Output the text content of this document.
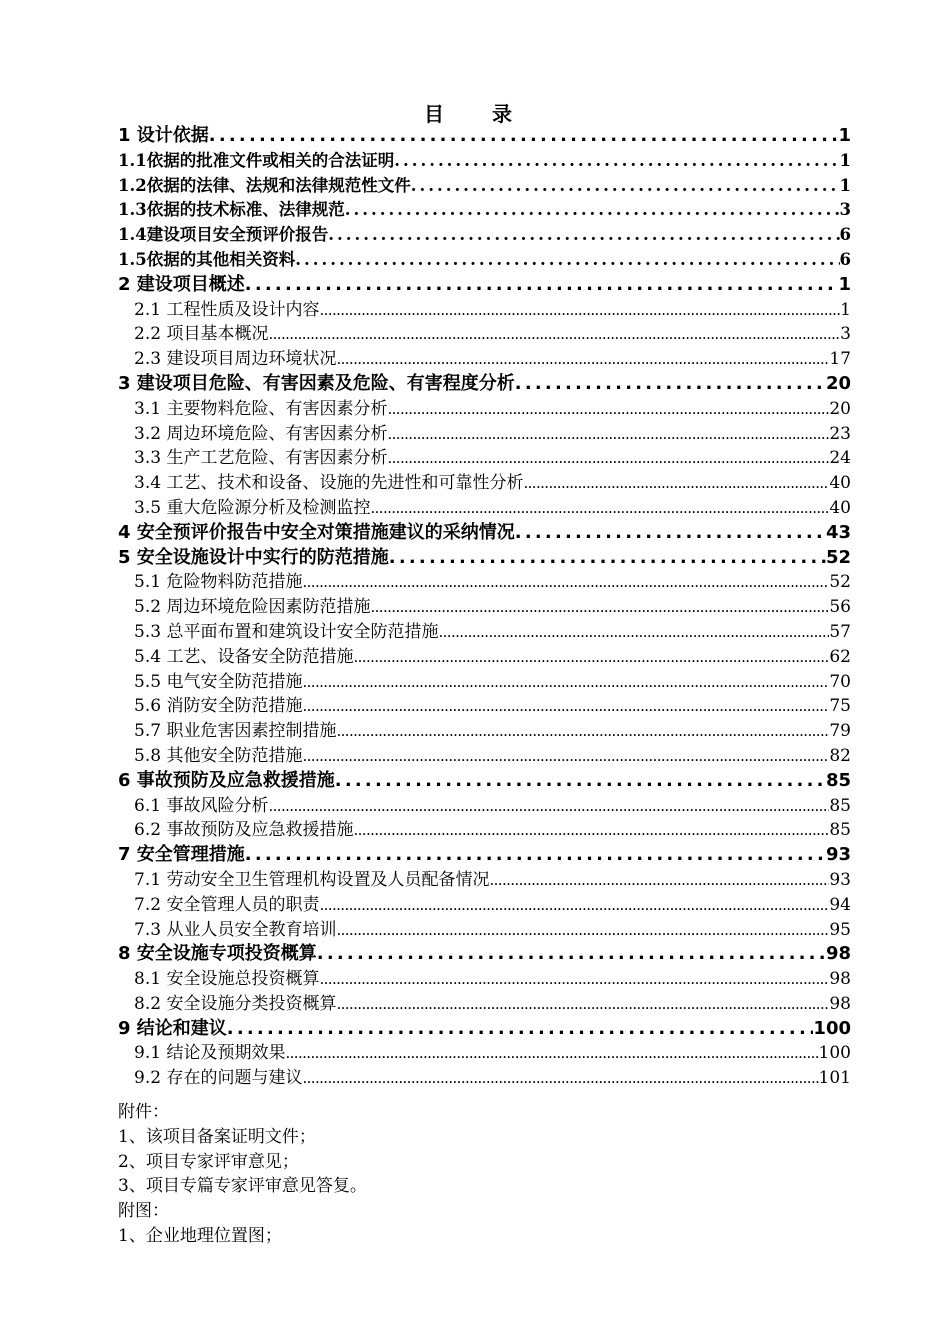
目　录
1 设计依据 .....	1
1.1依据的批准文件或相关的合法证明 .....	1
1.2依据的法律、法规和法律规范性文件 .....	1
1.3依据的技术标准、法律规范 .....	3
1.4建设项目安全预评价报告 .....	6
1.5依据的其他相关资料 .....	6
2 建设项目概述 .....	1
2.1 工程性质及设计内容 .....	1
2.2 项目基本概况 .....	3
2.3 建设项目周边环境状况 .....	17
3 建设项目危险、有害因素及危险、有害程度分析 .....	20
3.1 主要物料危险、有害因素分析 .....	20
3.2 周边环境危险、有害因素分析 .....	23
3.3 生产工艺危险、有害因素分析 .....	24
3.4 工艺、技术和设备、设施的先进性和可靠性分析 .....	40
3.5 重大危险源分析及检测监控 .....	40
4 安全预评价报告中安全对策措施建议的采纳情况 .....	43
5 安全设施设计中实行的防范措施 .....	52
5.1 危险物料防范措施 .....	52
5.2 周边环境危险因素防范措施 .....	56
5.3 总平面布置和建筑设计安全防范措施 .....	57
5.4 工艺、设备安全防范措施 .....	62
5.5 电气安全防范措施 .....	70
5.6 消防安全防范措施 .....	75
5.7 职业危害因素控制措施 .....	79
5.8 其他安全防范措施 .....	82
6 事故预防及应急救援措施 .....	85
6.1 事故风险分析 .....	85
6.2 事故预防及应急救援措施 .....	85
7 安全管理措施 .....	93
7.1 劳动安全卫生管理机构设置及人员配备情况 .....	93
7.2 安全管理人员的职责 .....	94
7.3 从业人员安全教育培训 .....	95
8 安全设施专项投资概算 .....	98
8.1 安全设施总投资概算 .....	98
8.2 安全设施分类投资概算 .....	98
9 结论和建议 .....	100
9.1 结论及预期效果 .....	100
9.2 存在的问题与建议 .....	101
附件：
1、该项目备案证明文件；
2、项目专家评审意见；
3、项目专篇专家评审意见答复。
附图：
1、企业地理位置图；
